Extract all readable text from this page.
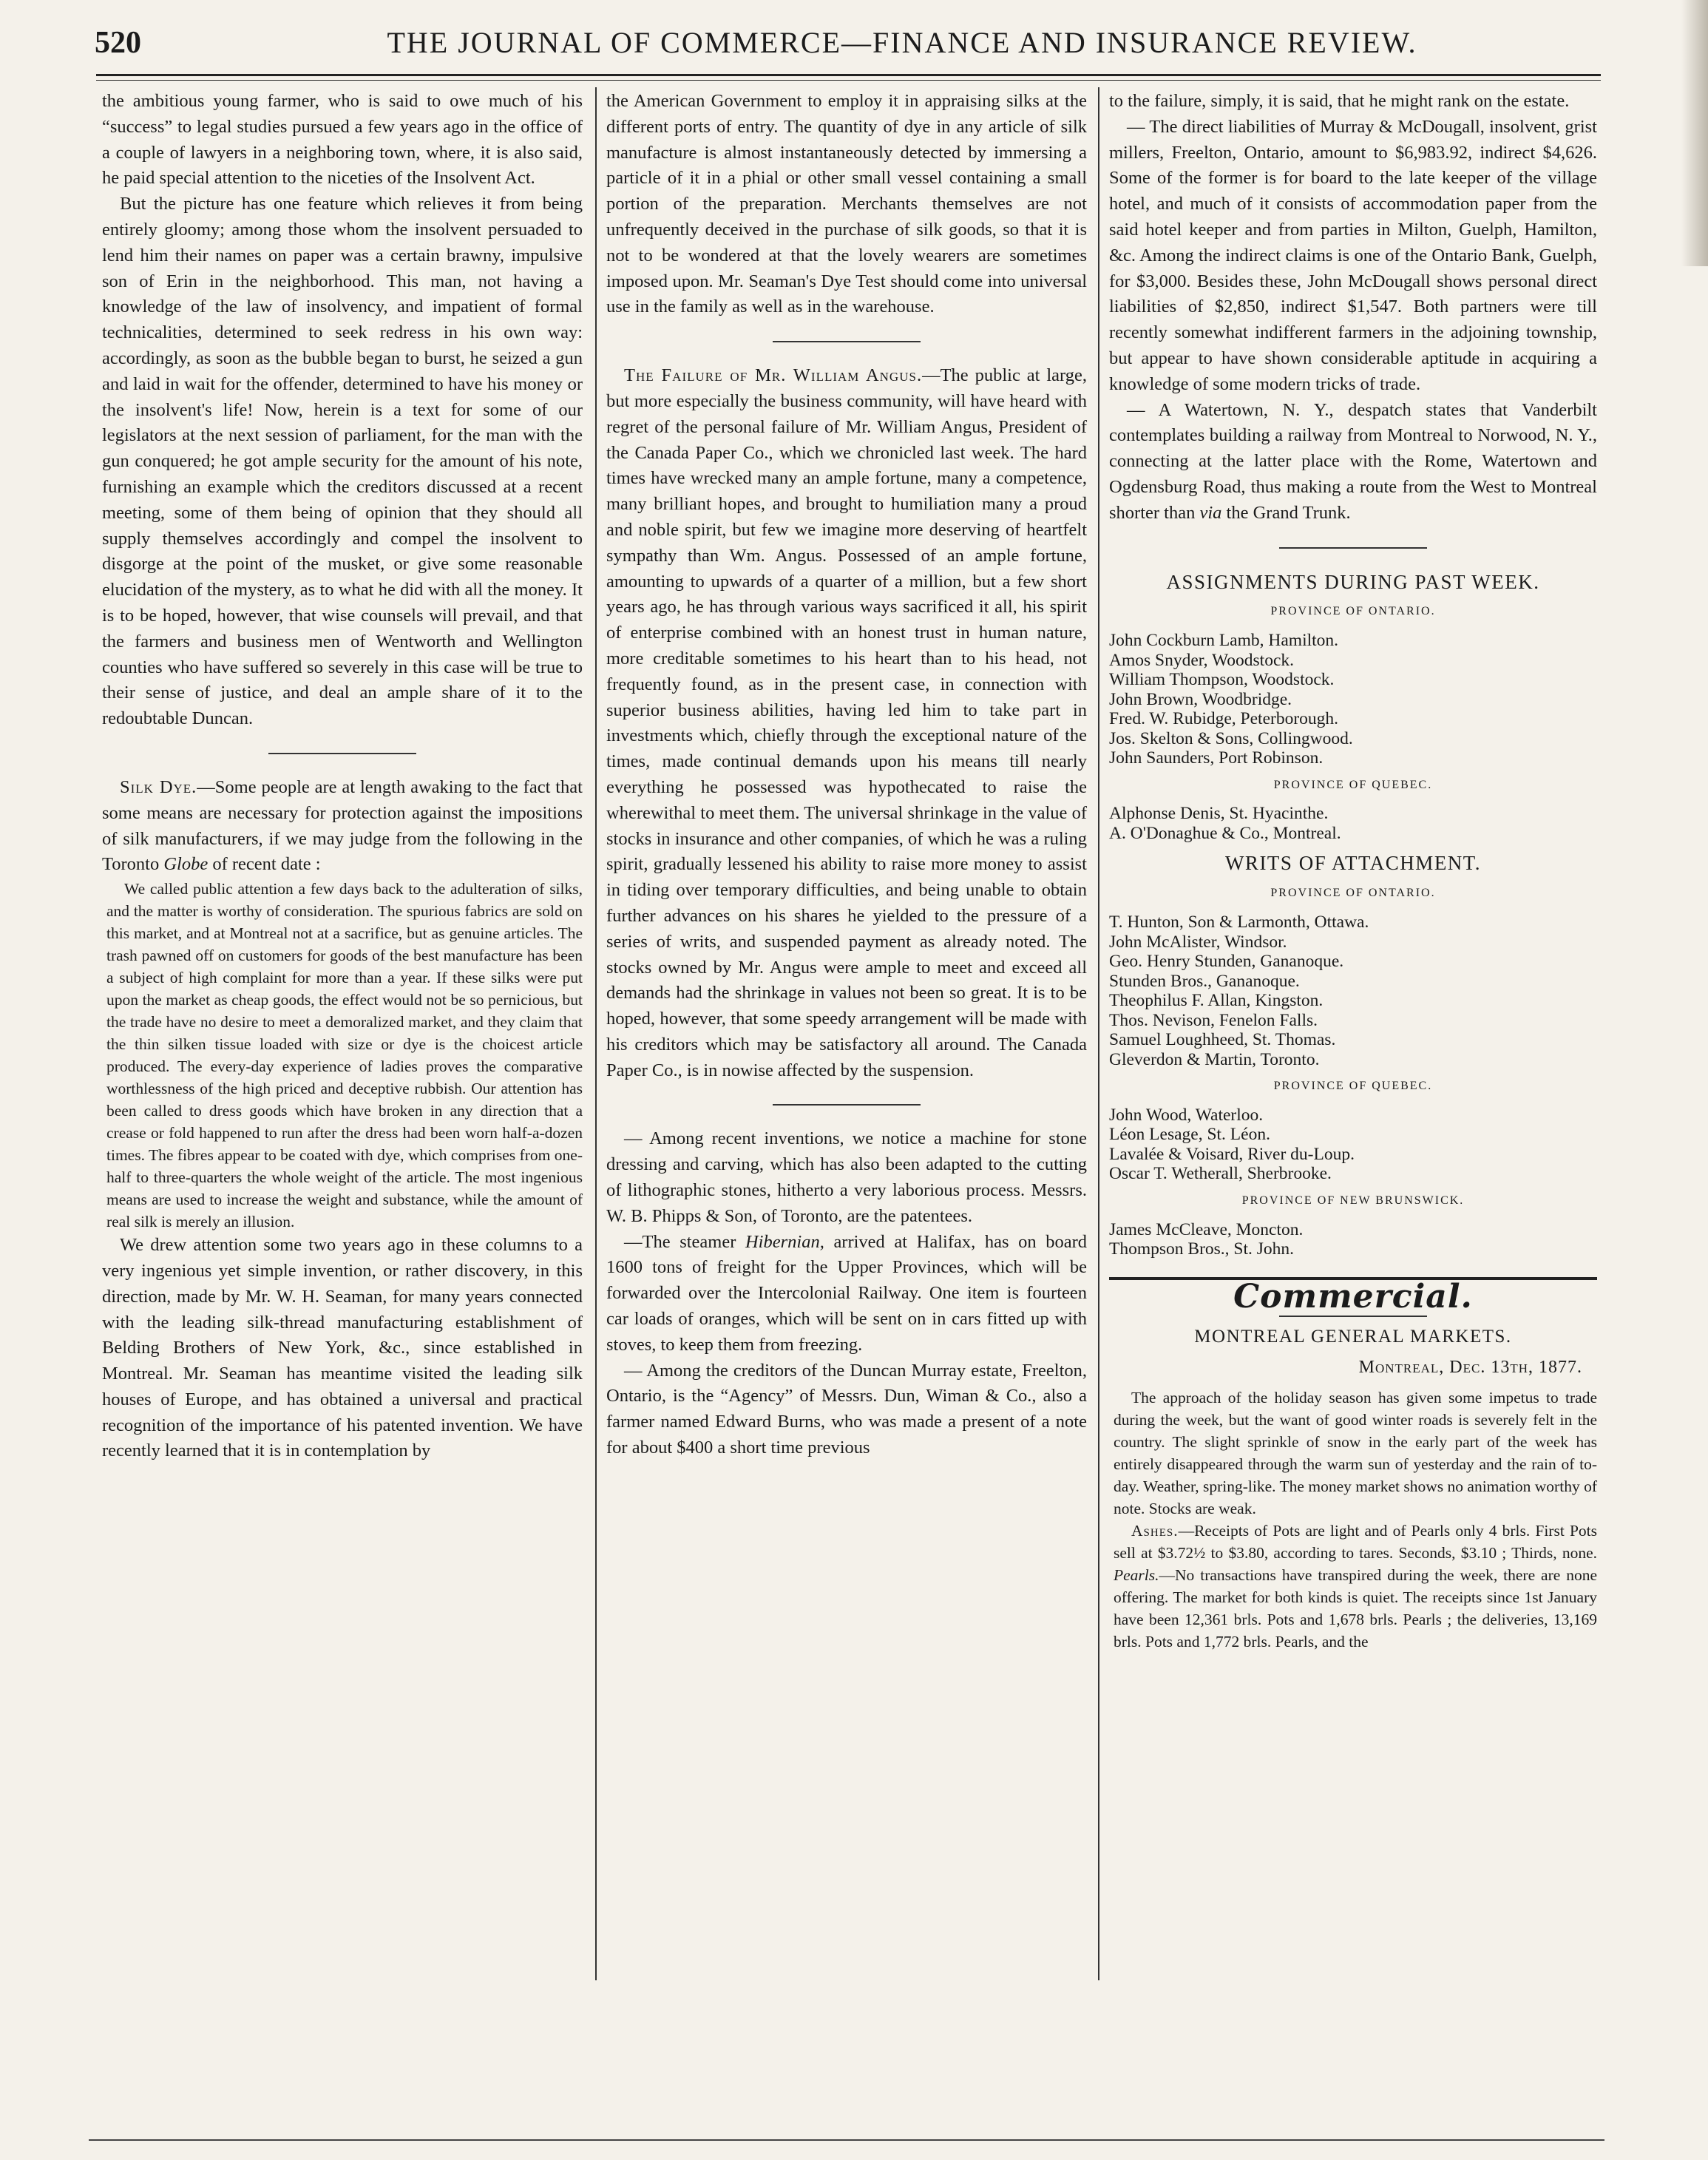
520	THE JOURNAL OF COMMERCE—FINANCE AND INSURANCE REVIEW.

the ambitious young farmer, who is said to owe much of his “success” to legal studies pursued a few years ago in the office of a couple of lawyers in a neighboring town, where, it is also said, he paid special attention to the niceties of the Insolvent Act.

But the picture has one feature which relieves it from being entirely gloomy; among those whom the insolvent persuaded to lend him their names on paper was a certain brawny, impulsive son of Erin in the neighborhood. This man, not having a knowledge of the law of insolvency, and impatient of formal technicalities, determined to seek redress in his own way: accordingly, as soon as the bubble began to burst, he seized a gun and laid in wait for the offender, determined to have his money or the insolvent's life! Now, herein is a text for some of our legislators at the next session of parliament, for the man with the gun conquered; he got ample security for the amount of his note, furnishing an example which the creditors discussed at a recent meeting, some of them being of opinion that they should all supply themselves accordingly and compel the insolvent to disgorge at the point of the musket, or give some reasonable elucidation of the mystery, as to what he did with all the money. It is to be hoped, however, that wise counsels will prevail, and that the farmers and business men of Wentworth and Wellington counties who have suffered so severely in this case will be true to their sense of justice, and deal an ample share of it to the redoubtable Duncan.

Silk Dye.—Some people are at length awaking to the fact that some means are necessary for protection against the impositions of silk manufacturers, if we may judge from the following in the Toronto Globe of recent date :

We called public attention a few days back to the adulteration of silks, and the matter is worthy of consideration. The spurious fabrics are sold on this market, and at Montreal not at a sacrifice, but as genuine articles. The trash pawned off on customers for goods of the best manufacture has been a subject of high complaint for more than a year. If these silks were put upon the market as cheap goods, the effect would not be so pernicious, but the trade have no desire to meet a demoralized market, and they claim that the thin silken tissue loaded with size or dye is the choicest article produced. The every-day experience of ladies proves the comparative worthlessness of the high priced and deceptive rubbish. Our attention has been called to dress goods which have broken in any direction that a crease or fold happened to run after the dress had been worn half-a-dozen times. The fibres appear to be coated with dye, which comprises from one-half to three-quarters the whole weight of the article. The most ingenious means are used to increase the weight and substance, while the amount of real silk is merely an illusion.

We drew attention some two years ago in these columns to a very ingenious yet simple invention, or rather discovery, in this direction, made by Mr. W. H. Seaman, for many years connected with the leading silk-thread manufacturing establishment of Belding Brothers of New York, &c., since established in Montreal. Mr. Seaman has meantime visited the leading silk houses of Europe, and has obtained a universal and practical recognition of the importance of his patented invention. We have recently learned that it is in contemplation by

the American Government to employ it in appraising silks at the different ports of entry. The quantity of dye in any article of silk manufacture is almost instantaneously detected by immersing a particle of it in a phial or other small vessel containing a small portion of the preparation. Merchants themselves are not unfrequently deceived in the purchase of silk goods, so that it is not to be wondered at that the lovely wearers are sometimes imposed upon. Mr. Seaman's Dye Test should come into universal use in the family as well as in the warehouse.

The Failure of Mr. William Angus.—The public at large, but more especially the business community, will have heard with regret of the personal failure of Mr. William Angus, President of the Canada Paper Co., which we chronicled last week. The hard times have wrecked many an ample fortune, many a competence, many brilliant hopes, and brought to humiliation many a proud and noble spirit, but few we imagine more deserving of heartfelt sympathy than Wm. Angus. Possessed of an ample fortune, amounting to upwards of a quarter of a million, but a few short years ago, he has through various ways sacrificed it all, his spirit of enterprise combined with an honest trust in human nature, more creditable sometimes to his heart than to his head, not frequently found, as in the present case, in connection with superior business abilities, having led him to take part in investments which, chiefly through the exceptional nature of the times, made continual demands upon his means till nearly everything he possessed was hypothecated to raise the wherewithal to meet them. The universal shrinkage in the value of stocks in insurance and other companies, of which he was a ruling spirit, gradually lessened his ability to raise more money to assist in tiding over temporary difficulties, and being unable to obtain further advances on his shares he yielded to the pressure of a series of writs, and suspended payment as already noted. The stocks owned by Mr. Angus were ample to meet and exceed all demands had the shrinkage in values not been so great. It is to be hoped, however, that some speedy arrangement will be made with his creditors which may be satisfactory all around. The Canada Paper Co., is in nowise affected by the suspension.

— Among recent inventions, we notice a machine for stone dressing and carving, which has also been adapted to the cutting of lithographic stones, hitherto a very laborious process. Messrs. W. B. Phipps & Son, of Toronto, are the patentees.

—The steamer Hibernian, arrived at Halifax, has on board 1600 tons of freight for the Upper Provinces, which will be forwarded over the Intercolonial Railway. One item is fourteen car loads of oranges, which will be sent on in cars fitted up with stoves, to keep them from freezing.

— Among the creditors of the Duncan Murray estate, Freelton, Ontario, is the “Agency” of Messrs. Dun, Wiman & Co., also a farmer named Edward Burns, who was made a present of a note for about $400 a short time previous

to the failure, simply, it is said, that he might rank on the estate.

— The direct liabilities of Murray & McDougall, insolvent, grist millers, Freelton, Ontario, amount to $6,983.92, indirect $4,626. Some of the former is for board to the late keeper of the village hotel, and much of it consists of accommodation paper from the said hotel keeper and from parties in Milton, Guelph, Hamilton, &c. Among the indirect claims is one of the Ontario Bank, Guelph, for $3,000. Besides these, John McDougall shows personal direct liabilities of $2,850, indirect $1,547. Both partners were till recently somewhat indifferent farmers in the adjoining township, but appear to have shown considerable aptitude in acquiring a knowledge of some modern tricks of trade.

— A Watertown, N. Y., despatch states that Vanderbilt contemplates building a railway from Montreal to Norwood, N. Y., connecting at the latter place with the Rome, Watertown and Ogdensburg Road, thus making a route from the West to Montreal shorter than via the Grand Trunk.

ASSIGNMENTS DURING PAST WEEK.
PROVINCE OF ONTARIO.
John Cockburn Lamb, Hamilton.
Amos Snyder, Woodstock.
William Thompson, Woodstock.
John Brown, Woodbridge.
Fred. W. Rubidge, Peterborough.
Jos. Skelton & Sons, Collingwood.
John Saunders, Port Robinson.
PROVINCE OF QUEBEC.
Alphonse Denis, St. Hyacinthe.
A. O'Donaghue & Co., Montreal.
WRITS OF ATTACHMENT.
PROVINCE OF ONTARIO.
T. Hunton, Son & Larmonth, Ottawa.
John McAlister, Windsor.
Geo. Henry Stunden, Gananoque.
Stunden Bros., Gananoque.
Theophilus F. Allan, Kingston.
Thos. Nevison, Fenelon Falls.
Samuel Loughheed, St. Thomas.
Gleverdon & Martin, Toronto.
PROVINCE OF QUEBEC.
John Wood, Waterloo.
Léon Lesage, St. Léon.
Lavalée & Voisard, River du-Loup.
Oscar T. Wetherall, Sherbrooke.
PROVINCE OF NEW BRUNSWICK.
James McCleave, Moncton.
Thompson Bros., St. John.
Commercial.
MONTREAL GENERAL MARKETS.
Montreal, Dec. 13th, 1877.

The approach of the holiday season has given some impetus to trade during the week, but the want of good winter roads is severely felt in the country. The slight sprinkle of snow in the early part of the week has entirely disappeared through the warm sun of yesterday and the rain of to-day. Weather, spring-like. The money market shows no animation worthy of note. Stocks are weak.

Ashes.—Receipts of Pots are light and of Pearls only 4 brls. First Pots sell at $3.72½ to $3.80, according to tares. Seconds, $3.10 ; Thirds, none. Pearls.—No transactions have transpired during the week, there are none offering. The market for both kinds is quiet. The receipts since 1st January have been 12,361 brls. Pots and 1,678 brls. Pearls ; the deliveries, 13,169 brls. Pots and 1,772 brls. Pearls, and the
